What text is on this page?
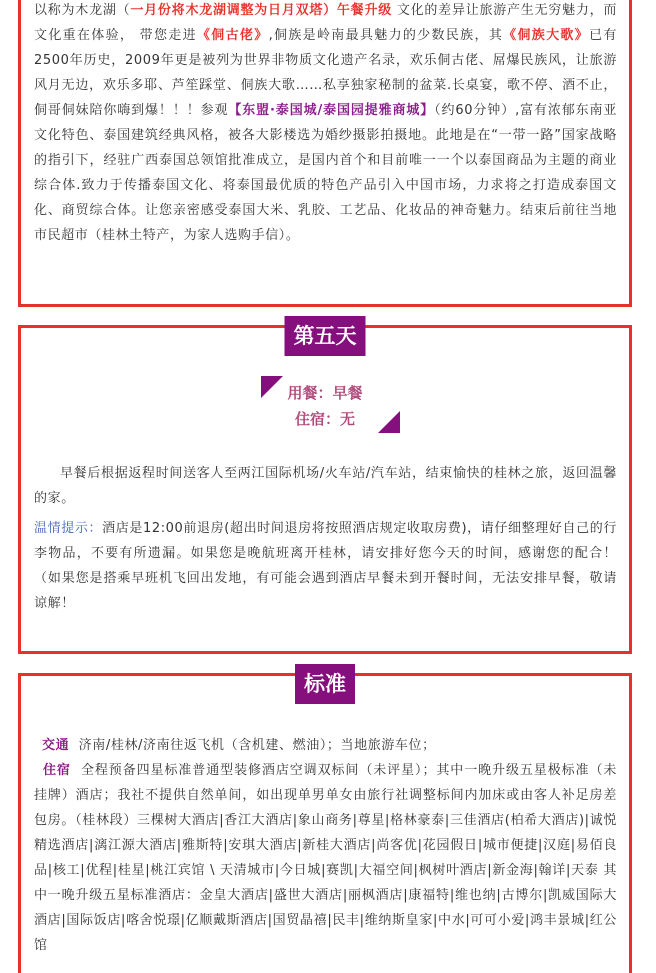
以称为木龙湖（一月份将木龙湖调整为日月双塔）午餐升级 文化的差异让旅游产生无穷魅力，而文化重在体验， 带您走进《侗古佬》,侗族是岭南最具魅力的少数民族，其《侗族大歌》已有2500年历史，2009年更是被列为世界非物质文化遗产名录，欢乐侗古佬、屌爆民族风，让旅游风月无边，欢乐多耶、芦笙踩堂、侗族大歌……私享独家秘制的盆菜.长桌宴，歌不停、酒不止，侗哥侗妹陪你嗨到爆！！！参观【东盟·泰国城/泰国园提雅商城】（约60分钟）,富有浓郁东南亚文化特色、泰国建筑经典风格，被各大影楼选为婚纱摄影拍摄地。此地是在“一带一路”国家战略的指引下，经驻广西泰国总领馆批准成立，是国内首个和目前唯一一个以泰国商品为主题的商业综合体.致力于传播泰国文化、将泰国最优质的特色产品引入中国市场，力求将之打造成泰国文化、商贸综合体。让您亲密感受泰国大米、乳胶、工艺品、化妆品的神奇魅力。结束后前往当地市民超市（桂林土特产，为家人选购手信）。

第五天
用餐：早餐
住宿：无

早餐后根据返程时间送客人至两江国际机场/火车站/汽车站，结束愉快的桂林之旅，返回温馨的家。

温情提示：酒店是12:00前退房(超出时间退房将按照酒店规定收取房费)，请仔细整理好自己的行李物品，不要有所遗漏。如果您是晚航班离开桂林，请安排好您今天的时间，感谢您的配合！（如果您是搭乘早班机飞回出发地，有可能会遇到酒店早餐未到开餐时间，无法安排早餐，敬请谅解！

标准

交通 济南/桂林/济南往返飞机（含机建、燃油）；当地旅游车位；

住宿 全程预备四星标准普通型装修酒店空调双标间（未评星）；其中一晚升级五星极标准（未挂牌）酒店；我社不提供自然单间，如出现单男单女由旅行社调整标间内加床或由客人补足房差包房。（桂林段）三棵树大酒店|香江大酒店|象山商务|尊星|格林豪泰|三佳酒店(柏希大酒店)|诚悦精选酒店|漓江源大酒店|雅斯特|安琪大酒店|新桂大酒店|尚客优|花园假日|城市便捷|汉庭|易佰良品|核工|优程|桂星|桃江宾馆 \ 天清城市|今日城|赛凯|大福空间|枫树叶酒店|新金海|翰详|天泰 其中一晚升级五星标准酒店：金皇大酒店|盛世大酒店|丽枫酒店|康福特|维也纳|古博尔|凯威国际大酒店|国际饭店|喀舍悦璟|亿顺戴斯酒店|国贸晶禧|民丰|维纳斯皇家|中水|可可小爱|鸿丰景城|红公馆
